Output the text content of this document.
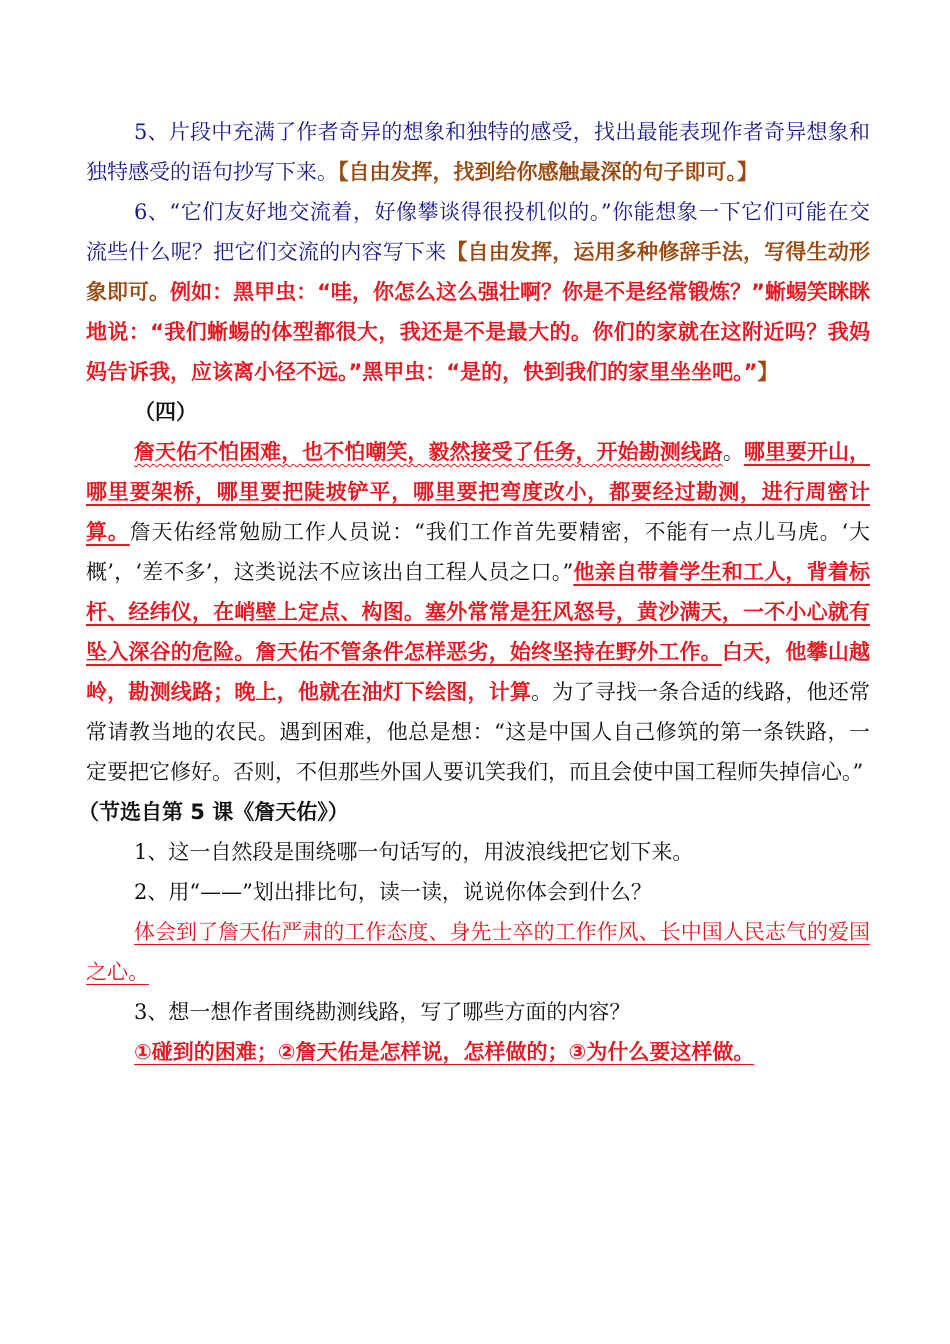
5、片段中充满了作者奇异的想象和独特的感受，找出最能表现作者奇异想象和独特感受的语句抄写下来。【自由发挥，找到给你感触最深的句子即可。】

6、“它们友好地交流着，好像攀谈得很投机似的。”你能想象一下它们可能在交流些什么呢？把它们交流的内容写下来【自由发挥，运用多种修辞手法，写得生动形象即可。例如：黑甲虫：“哇，你怎么这么强壮啊？你是不是经常锻炼？”蜥蜴笑眯眯地说：“我们蜥蜴的体型都很大，我还是不是最大的。你们的家就在这附近吗？我妈妈告诉我，应该离小径不远。”黑甲虫：“是的，快到我们的家里坐坐吧。”】

（四）

詹天佑不怕困难，也不怕嘲笑，毅然接受了任务，开始勘测线路。哪里要开山，哪里要架桥，哪里要把陡坡铲平，哪里要把弯度改小，都要经过勘测，进行周密计算。詹天佑经常勉励工作人员说：“我们工作首先要精密，不能有一点儿马虎。‘大概’，‘差不多’，这类说法不应该出自工程人员之口。”他亲自带着学生和工人，背着标杆、经纬仪，在峭壁上定点、构图。塞外常常是狂风怒号，黄沙满天，一不小心就有坠入深谷的危险。詹天佑不管条件怎样恶劣，始终坚持在野外工作。白天，他攀山越岭，勘测线路；晚上，他就在油灯下绘图，计算。为了寻找一条合适的线路，他还常常请教当地的农民。遇到困难，他总是想：“这是中国人自己修筑的第一条铁路，一定要把它修好。否则，不但那些外国人要讥笑我们，而且会使中国工程师失掉信心。”

（节选自第 5 课《詹天佑》）

1、这一自然段是围绕哪一句话写的，用波浪线把它划下来。

2、用“——”划出排比句，读一读，说说你体会到什么？

体会到了詹天佑严肃的工作态度、身先士卒的工作作风、长中国人民志气的爱国之心。

3、想一想作者围绕勘测线路，写了哪些方面的内容？

①碰到的困难；②詹天佑是怎样说，怎样做的；③为什么要这样做。
